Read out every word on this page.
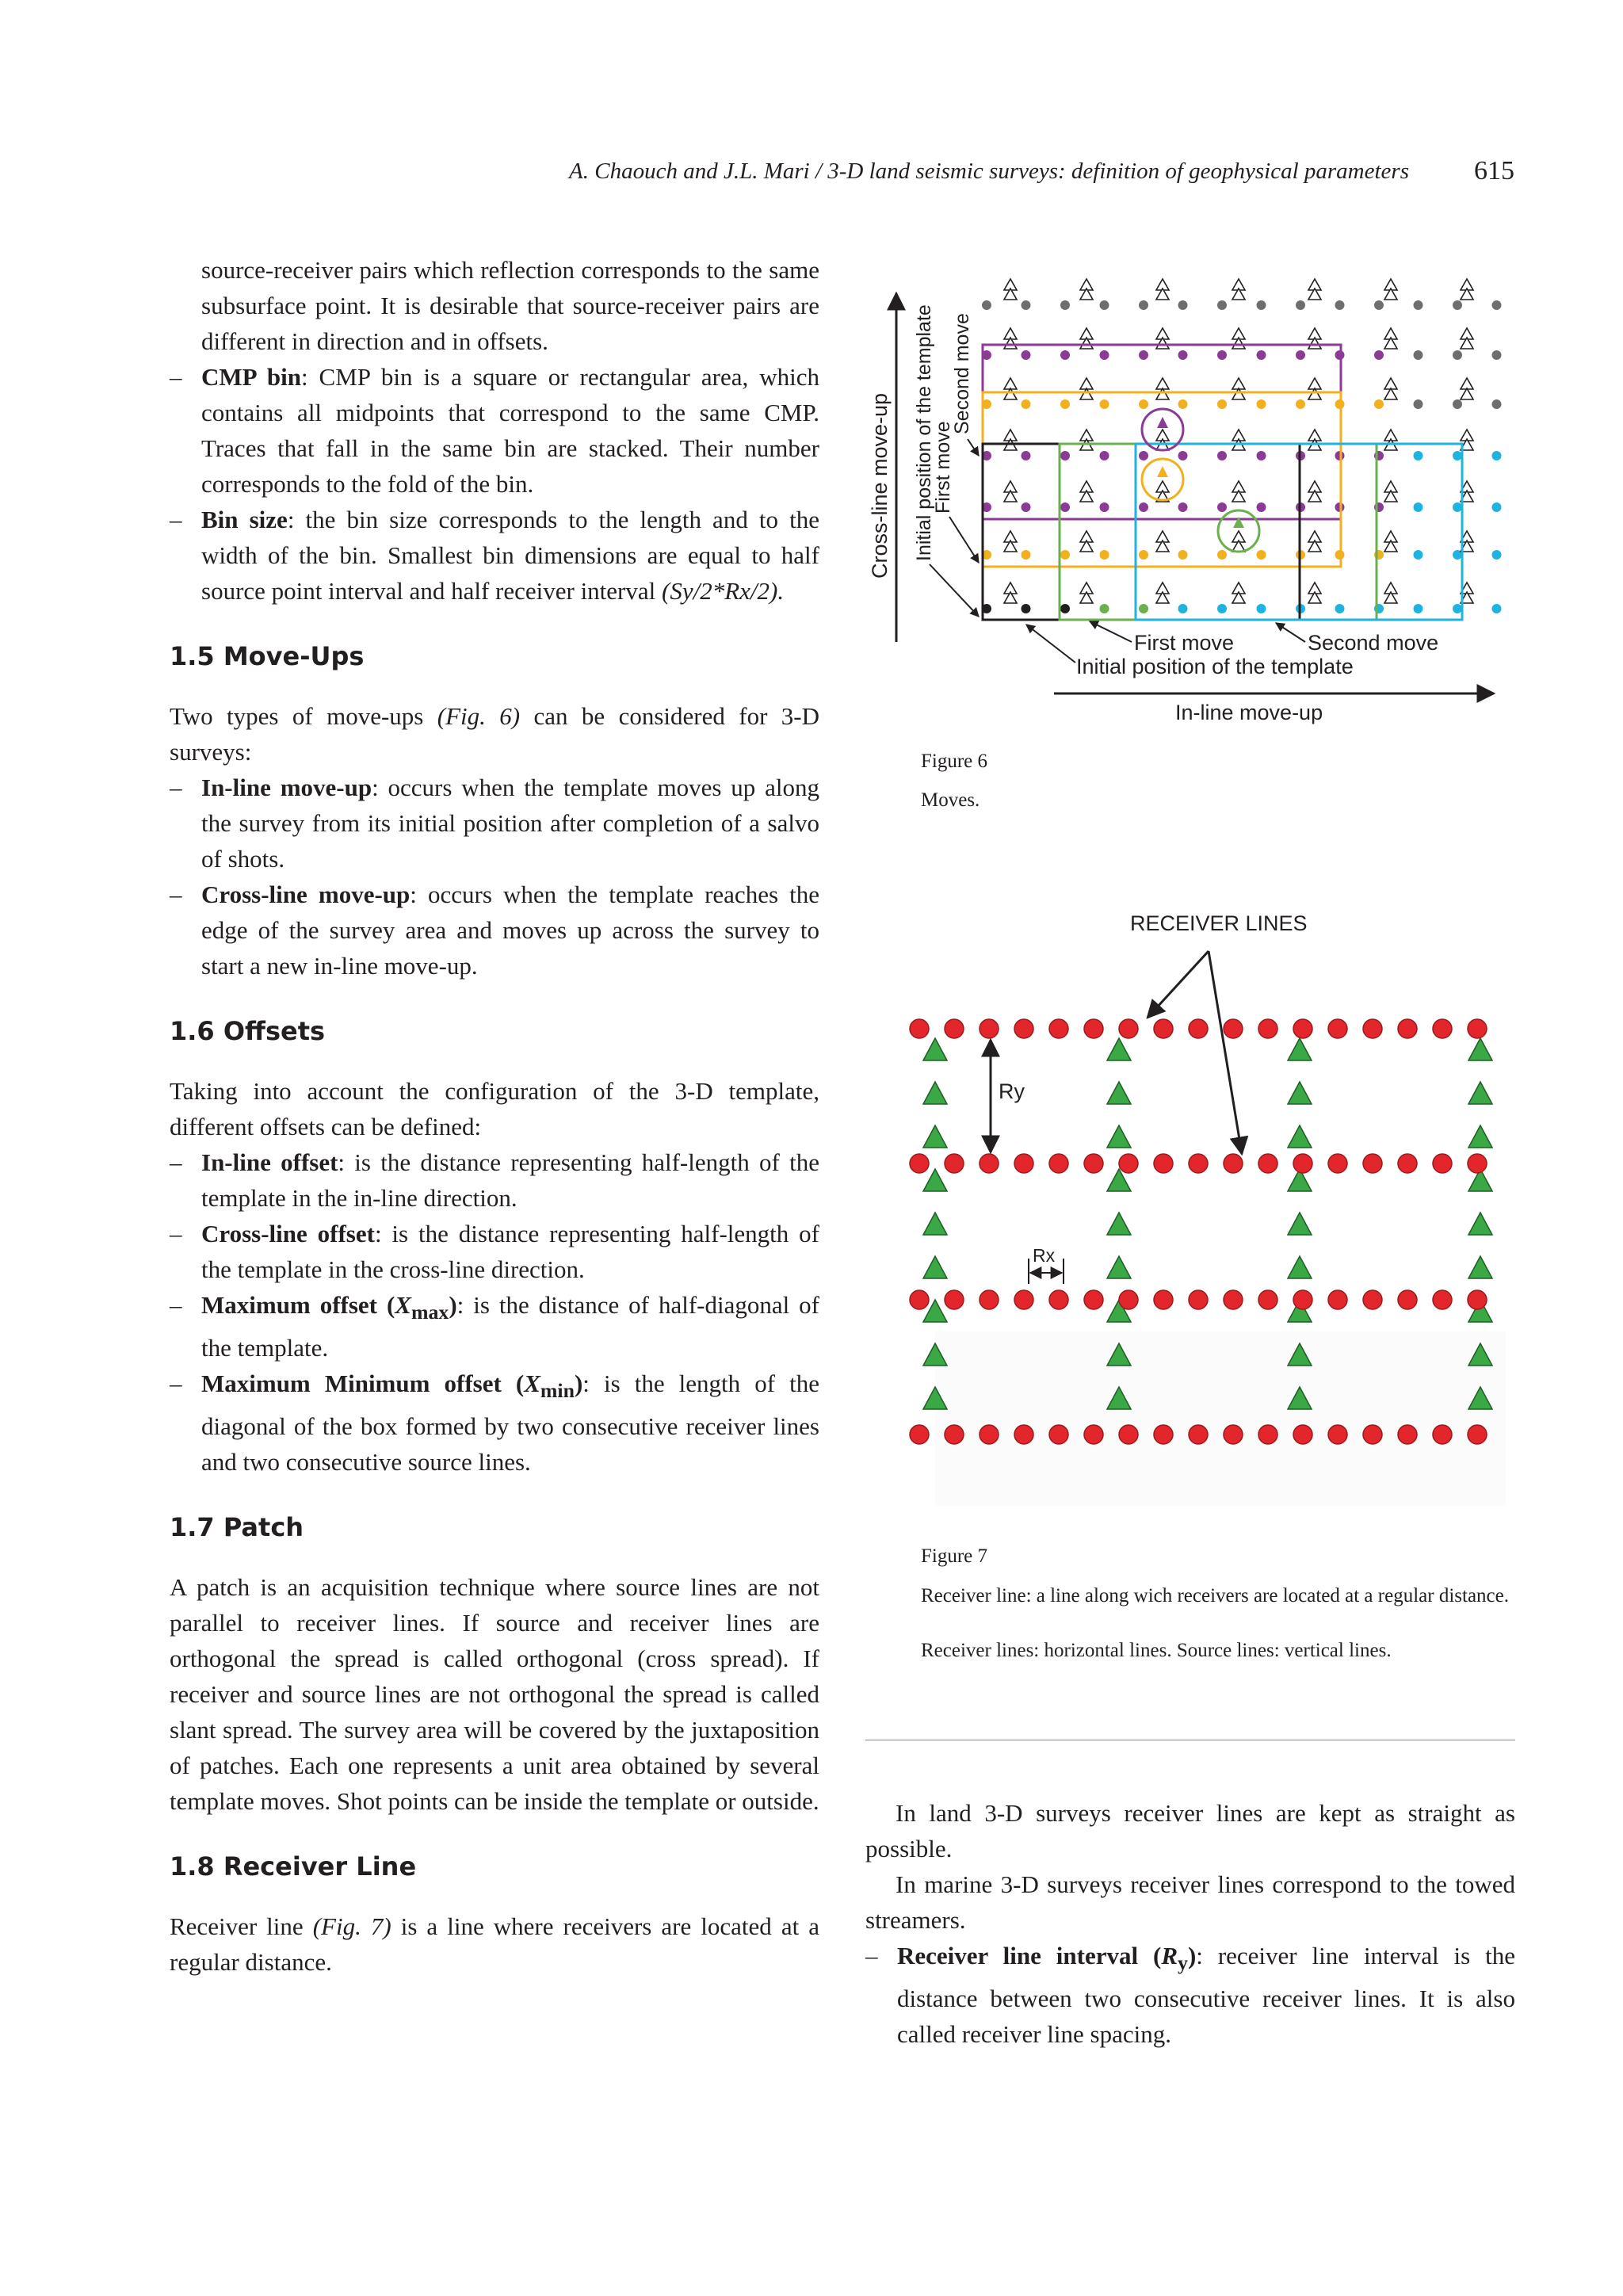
A. Chaouch and J.L. Mari / 3-D land seismic surveys: definition of geophysical parameters 615

source-receiver pairs which reflection corresponds to the same subsurface point. It is desirable that source-receiver pairs are different in direction and in offsets.

– CMP bin: CMP bin is a square or rectangular area, which contains all midpoints that correspond to the same CMP. Traces that fall in the same bin are stacked. Their number corresponds to the fold of the bin.
– Bin size: the bin size corresponds to the length and to the width of the bin. Smallest bin dimensions are equal to half source point interval and half receiver interval (Sy/2*Rx/2).
1.5 Move-Ups

Two types of move-ups (Fig. 6) can be considered for 3-D surveys:

– In-line move-up: occurs when the template moves up along the survey from its initial position after completion of a salvo of shots.
– Cross-line move-up: occurs when the template reaches the edge of the survey area and moves up across the survey to start a new in-line move-up.
1.6 Offsets

Taking into account the configuration of the 3-D template, different offsets can be defined:

– In-line offset: is the distance representing half-length of the template in the in-line direction.
– Cross-line offset: is the distance representing half-length of the template in the cross-line direction.
– Maximum offset $(X_{max})$: is the distance of half-diagonal of the template.
– Maximum Minimum offset $(X_{min})$: is the length of the diagonal of the box formed by two consecutive receiver lines and two consecutive source lines.
1.7 Patch

A patch is an acquisition technique where source lines are not parallel to receiver lines. If source and receiver lines are orthogonal the spread is called orthogonal (cross spread). If receiver and source lines are not orthogonal the spread is called slant spread. The survey area will be covered by the juxtaposition of patches. Each one represents a unit area obtained by several template moves. Shot points can be inside the template or outside.

1.8 Receiver Line

Receiver line (Fig. 7) is a line where receivers are located at a regular distance.

Cross-line move-up Initial position of the template
First move
Second move
First move	Second move
Initial position of the template
In-line move-up
Figure 6
Moves.
RECEIVER LINES
Ry
Rx
Figure 7
Receiver line: a line along wich receivers are located at a regular distance.
Receiver lines: horizontal lines. Source lines: vertical lines.

In land 3-D surveys receiver lines are kept as straight as possible.

In marine 3-D surveys receiver lines correspond to the towed streamers.

– Receiver line interval $(R_y)$: receiver line interval is the distance between two consecutive receiver lines. It is also called receiver line spacing.
